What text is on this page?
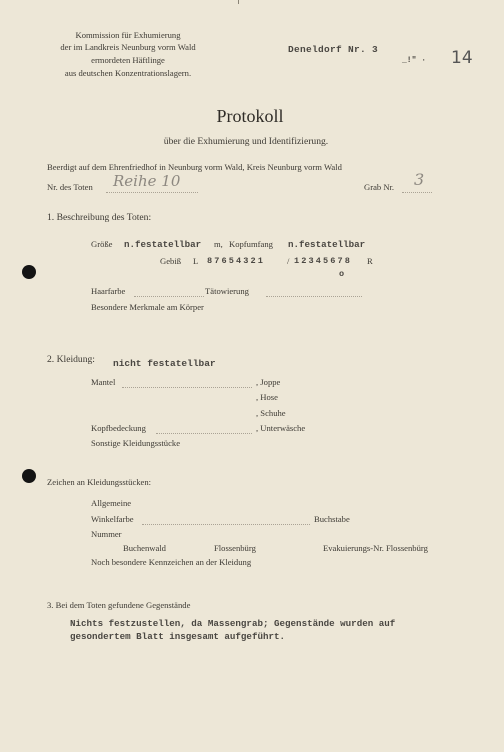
Kommission für Exhumierung
der im Landkreis Neunburg vorm Wald
ermordeten Häftlinge
aus deutschen Konzentrationslagern.
Deneldorf Nr. 3
_!" · 14
Protokoll
über die Exhumierung und Identifizierung.
Beerdigt auf dem Ehrenfriedhof in Neunburg vorm Wald, Kreis Neunburg vorm Wald
Nr. des Toten Reihe 10	Grab Nr. 3
1. Beschreibung des Toten:
Größe n.festatellbar m, Kopfumfang n.festatellbar
Gebiß L 87654321	/ 12345678 R
o
Haarfarbe	Tätowierung
Besondere Merkmale am Körper
2. Kleidung: nicht festatellbar
Mantel	, Joppe
, Hose
, Schuhe
Kopfbedeckung	, Unterwäsche
Sonstige Kleidungsstücke
Zeichen an Kleidungsstücken:
Allgemeine
Winkelfarbe	Buchstabe
Nummer
Buchenwald	Flossenbürg	Evakuierungs-Nr. Flossenbürg
Noch besondere Kennzeichen an der Kleidung
3. Bei dem Toten gefundene Gegenstände
Nichts festzustellen, da Massengrab; Gegenstände wurden auf
gesondertem Blatt insgesamt aufgeführt.
